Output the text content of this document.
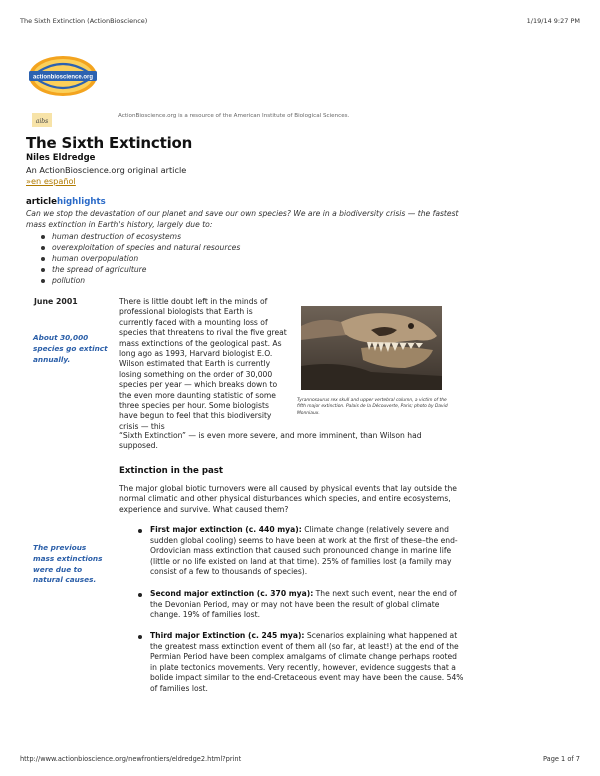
The Sixth Extinction (ActionBioscience)	1/19/14 9:27 PM
actionbioscience.org
aibs
ActionBioscience.org is a resource of the American Institute of Biological Sciences.
The Sixth Extinction
Niles Eldredge
An ActionBioscience.org original article
»en español
articlehighlights
Can we stop the devastation of our planet and save our own species? We are in a biodiversity crisis — the fastest mass extinction in Earth's history, largely due to:
human destruction of ecosystems
overexploitation of species and natural resources
human overpopulation
the spread of agriculture
pollution
June 2001
About 30,000 species go extinct annually.
The previous mass extinctions were due to natural causes.
There is little doubt left in the minds of professional biologists that Earth is currently faced with a mounting loss of species that threatens to rival the five great mass extinctions of the geological past. As long ago as 1993, Harvard biologist E.O. Wilson estimated that Earth is currently losing something on the order of 30,000 species per year — which breaks down to the even more daunting statistic of some three species per hour. Some biologists have begun to feel that this biodiversity crisis — this
“Sixth Extinction” — is even more severe, and more imminent, than Wilson had supposed.
Tyrannosaurus rex skull and upper vertebral column, a victim of the fifth major extinction. Palais de la Découverte, Paris; photo by David Monniaux.
Extinction in the past
The major global biotic turnovers were all caused by physical events that lay outside the normal climatic and other physical disturbances which species, and entire ecosystems, experience and survive. What caused them?
First major extinction (c. 440 mya): Climate change (relatively severe and sudden global cooling) seems to have been at work at the first of these–the end-Ordovician mass extinction that caused such pronounced change in marine life (little or no life existed on land at that time). 25% of families lost (a family may consist of a few to thousands of species).
Second major extinction (c. 370 mya): The next such event, near the end of the Devonian Period, may or may not have been the result of global climate change. 19% of families lost.
Third major Extinction (c. 245 mya): Scenarios explaining what happened at the greatest mass extinction event of them all (so far, at least!) at the end of the Permian Period have been complex amalgams of climate change perhaps rooted in plate tectonics movements. Very recently, however, evidence suggests that a bolide impact similar to the end-Cretaceous event may have been the cause. 54% of families lost.
http://www.actionbioscience.org/newfrontiers/eldredge2.html?print	Page 1 of 7
